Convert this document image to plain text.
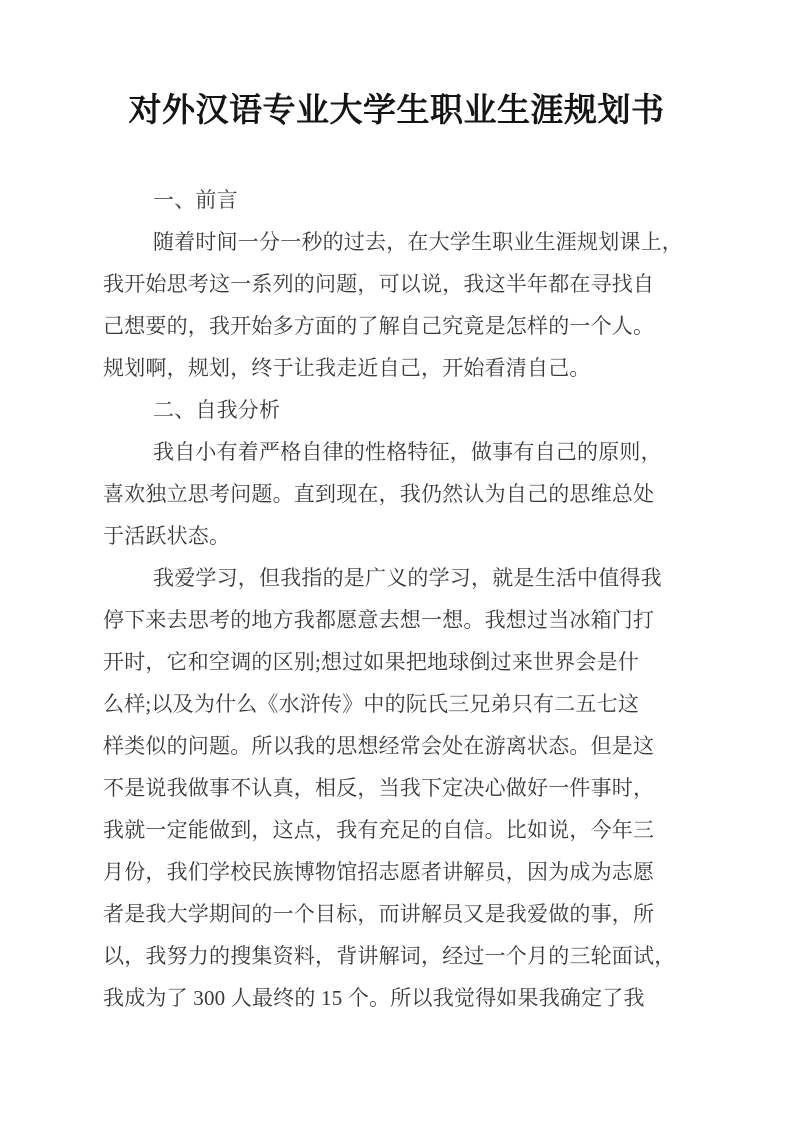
对外汉语专业大学生职业生涯规划书
一、前言
随着时间一分一秒的过去，在大学生职业生涯规划课上，
我开始思考这一系列的问题，可以说，我这半年都在寻找自
己想要的，我开始多方面的了解自己究竟是怎样的一个人。
规划啊，规划，终于让我走近自己，开始看清自己。
二、自我分析
我自小有着严格自律的性格特征，做事有自己的原则，
喜欢独立思考问题。直到现在，我仍然认为自己的思维总处
于活跃状态。
我爱学习，但我指的是广义的学习，就是生活中值得我
停下来去思考的地方我都愿意去想一想。我想过当冰箱门打
开时，它和空调的区别;想过如果把地球倒过来世界会是什
么样;以及为什么《水浒传》中的阮氏三兄弟只有二五七这
样类似的问题。所以我的思想经常会处在游离状态。但是这
不是说我做事不认真，相反，当我下定决心做好一件事时，
我就一定能做到，这点，我有充足的自信。比如说，今年三
月份，我们学校民族博物馆招志愿者讲解员，因为成为志愿
者是我大学期间的一个目标，而讲解员又是我爱做的事，所
以，我努力的搜集资料，背讲解词，经过一个月的三轮面试，
我成为了 300 人最终的 15 个。所以我觉得如果我确定了我
